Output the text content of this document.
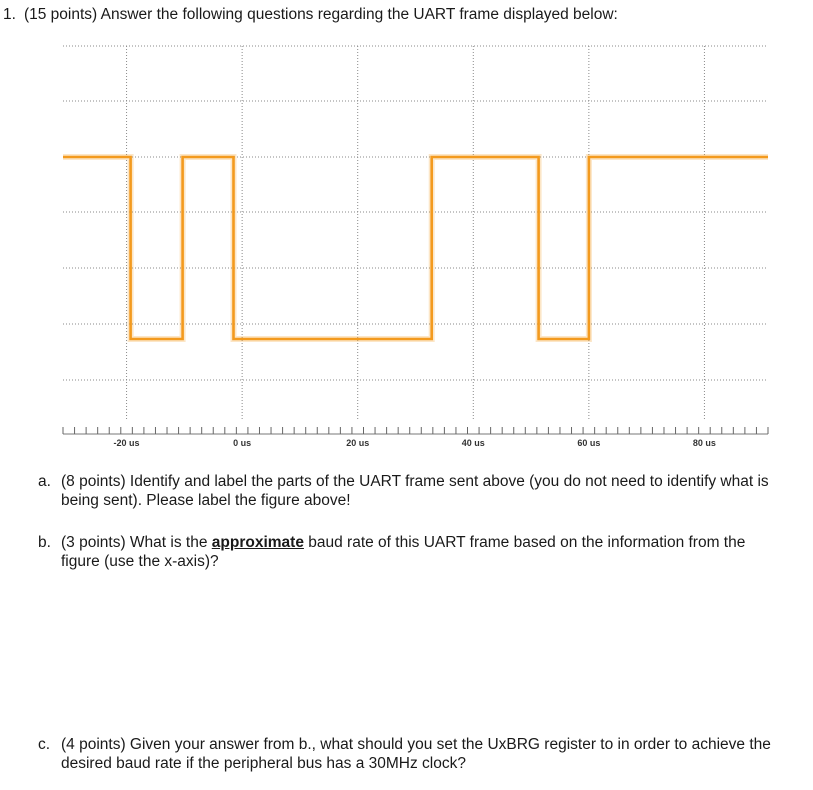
1. (15 points) Answer the following questions regarding the UART frame displayed below:
-20 us	0 us	20 us	40 us	60 us	80 us
a. (8 points) Identify and label the parts of the UART frame sent above (you do not need to identify what is being sent). Please label the figure above!
b. (3 points) What is the approximate baud rate of this UART frame based on the information from the figure (use the x-axis)?
c. (4 points) Given your answer from b., what should you set the UxBRG register to in order to achieve the desired baud rate if the peripheral bus has a 30MHz clock?
